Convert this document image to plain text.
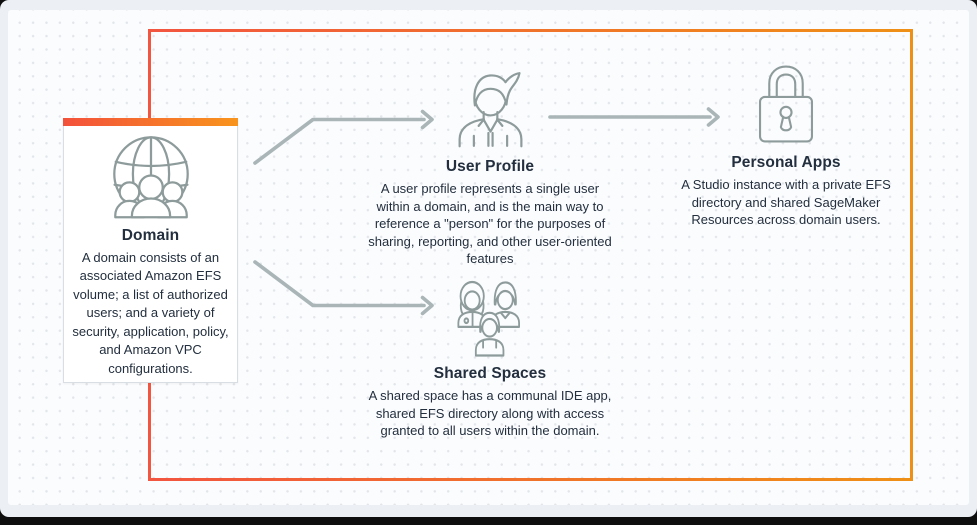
Domain

A domain consists of an associated Amazon EFS volume; a list of authorized users; and a variety of security, application, policy, and Amazon VPC configurations.

User Profile

A user profile represents a single user within a domain, and is the main way to reference a "person" for the purposes of sharing, reporting, and other user-oriented features

Personal Apps

A Studio instance with a private EFS directory and shared SageMaker Resources across domain users.

Shared Spaces

A shared space has a communal IDE app, shared EFS directory along with access granted to all users within the domain.
